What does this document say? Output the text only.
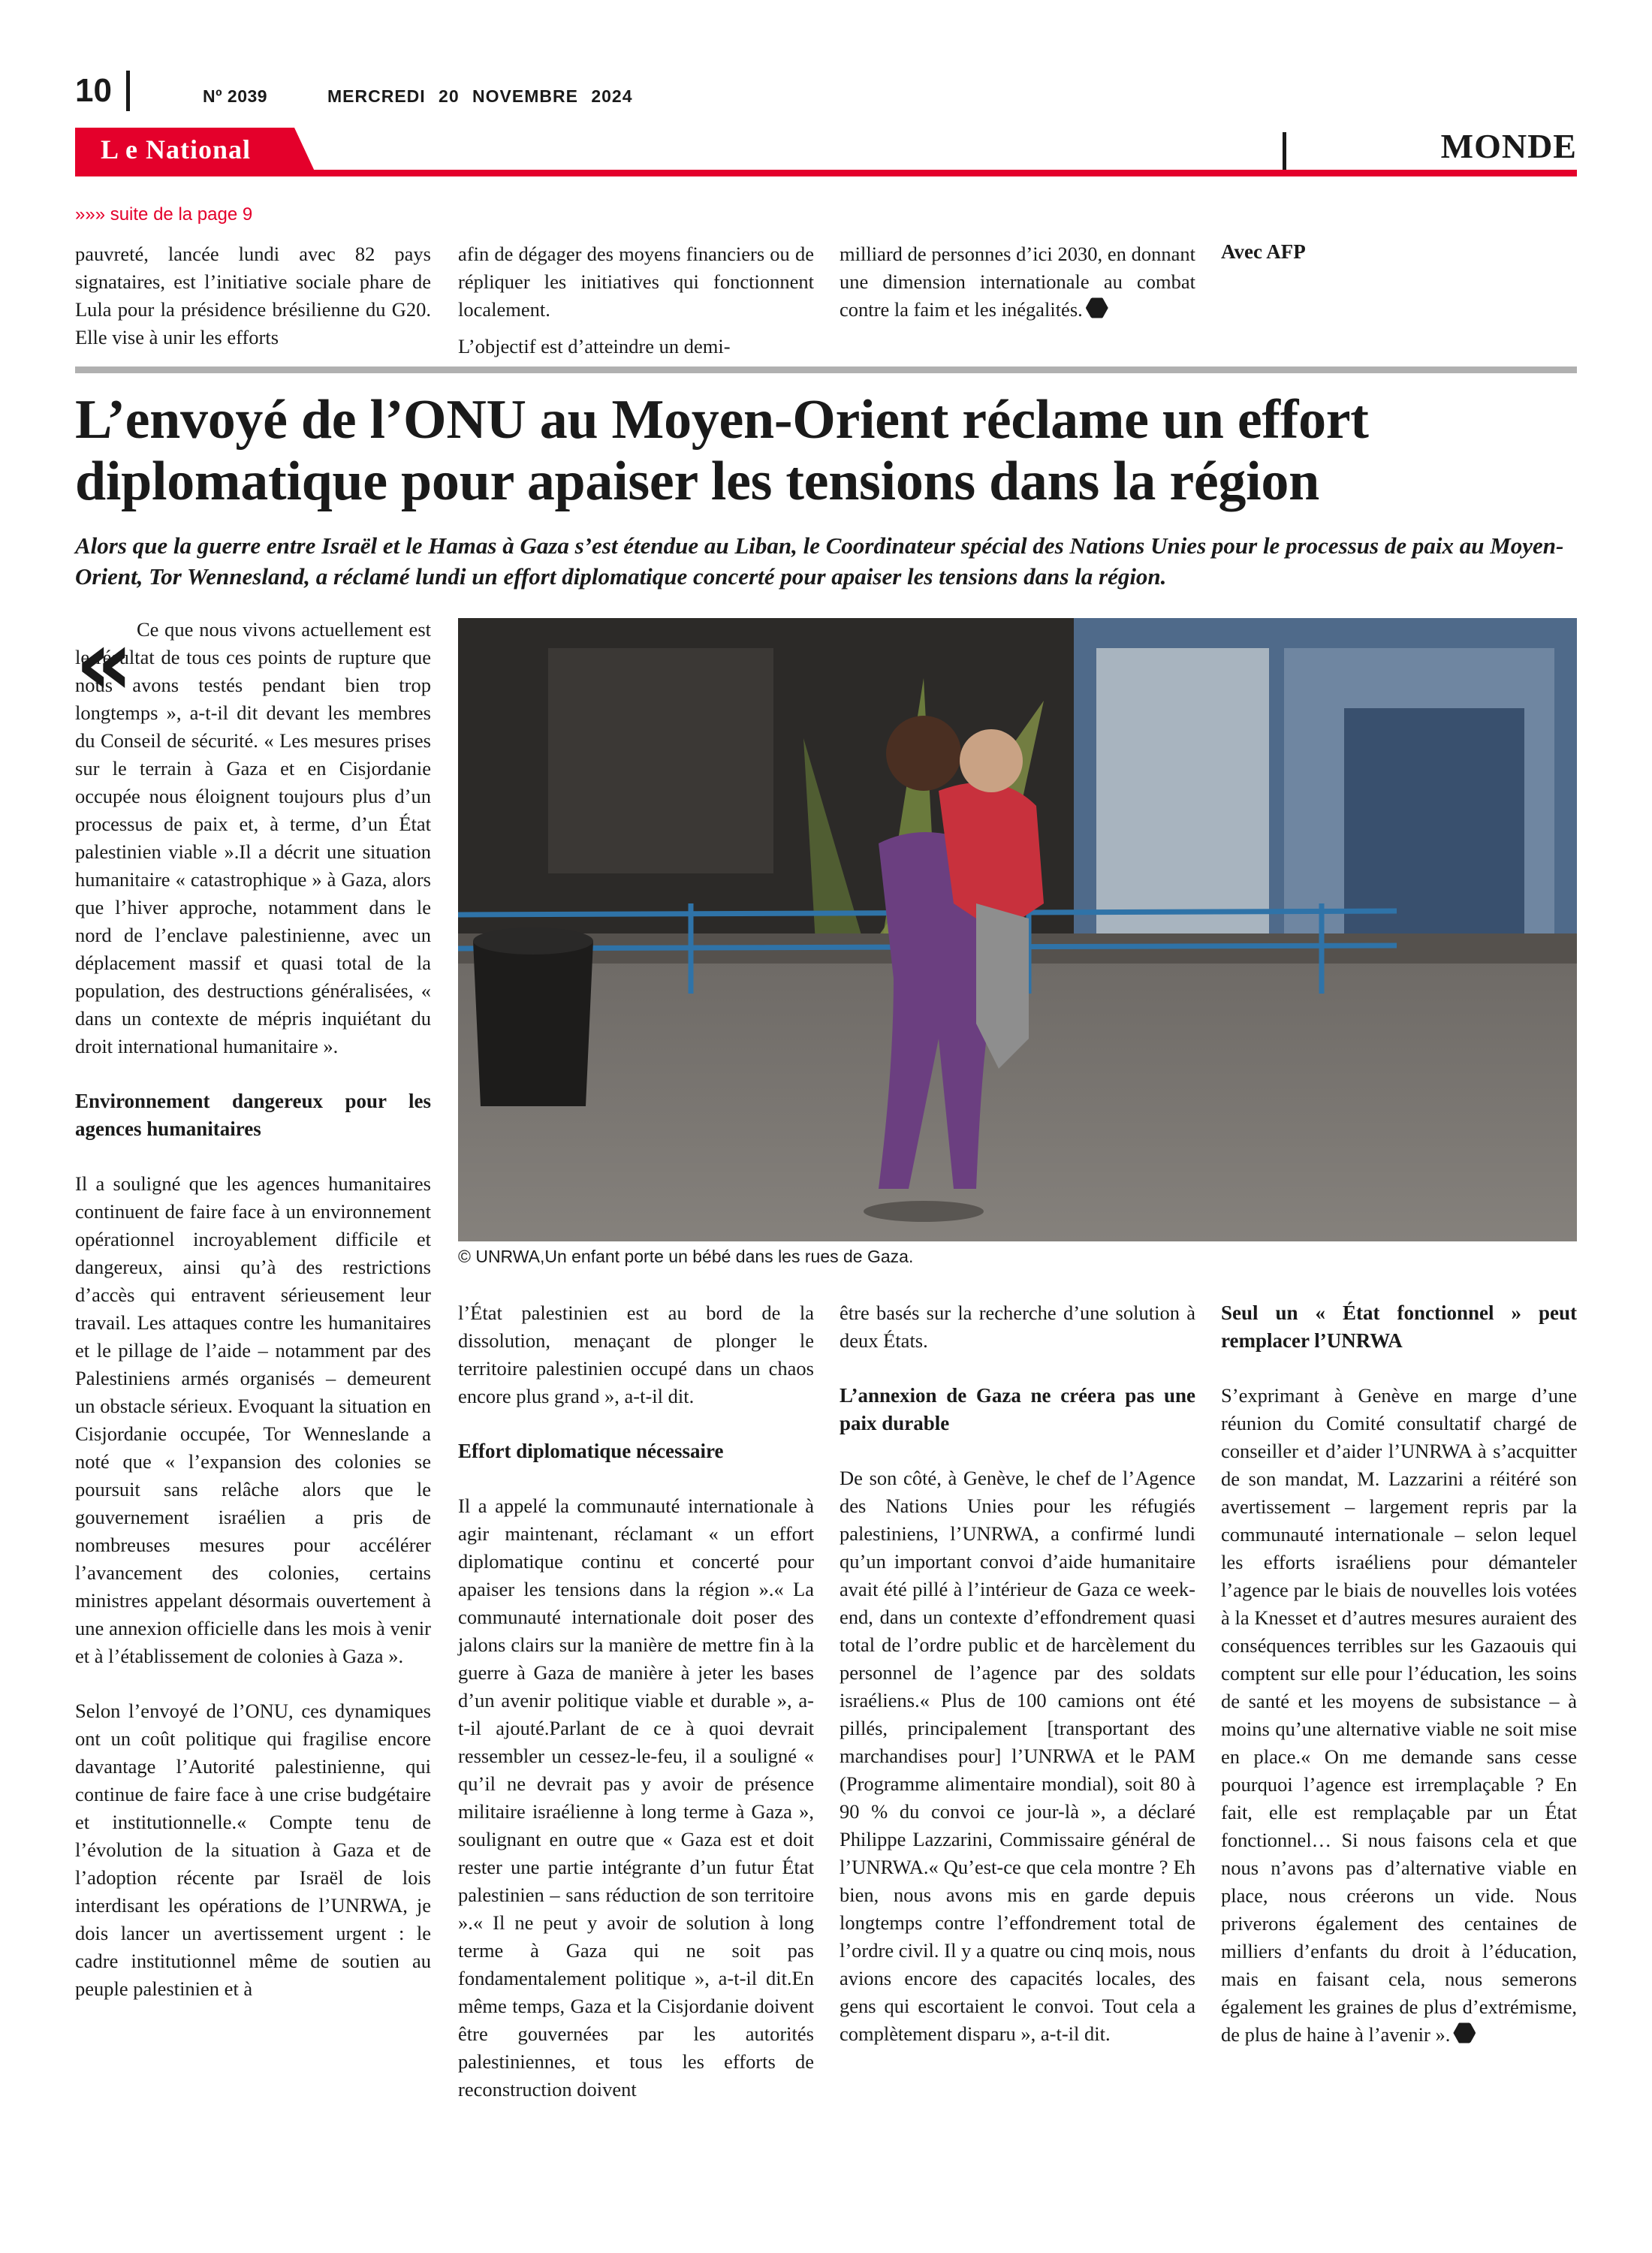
10	Nº 2039	MERCREDI 20 NOVEMBRE 2024
L e National	MONDE
»»» suite de la page 9

pauvreté, lancée lundi avec 82 pays signataires, est l’initiative sociale phare de Lula pour la présidence brésilienne du G20. Elle vise à unir les efforts

afin de dégager des moyens financiers ou de répliquer les initiatives qui fonctionnent localement.

L’objectif est d’atteindre un demi-

milliard de personnes d’ici 2030, en donnant une dimension internationale au combat contre la faim et les inégalités.

Avec AFP
L’envoyé de l’ONU au Moyen-Orient réclame un effort diplomatique pour apaiser les tensions dans la région
Alors que la guerre entre Israël et le Hamas à Gaza s’est étendue au Liban, le Coordinateur spécial des Nations Unies pour le processus de paix au Moyen-Orient, Tor Wennesland, a réclamé lundi un effort diplomatique concerté pour apaiser les tensions dans la région.
© UNRWA,Un enfant porte un bébé dans les rues de Gaza.
« Ce que nous vivons actuellement est le résultat de tous ces points de rupture que nous avons testés pendant bien trop longtemps », a-t-il dit devant les membres du Conseil de sécurité. « Les mesures prises sur le terrain à Gaza et en Cisjordanie occupée nous éloignent toujours plus d’un processus de paix et, à terme, d’un État palestinien viable ».Il a décrit une situation humanitaire « catastrophique » à Gaza, alors que l’hiver approche, notamment dans le nord de l’enclave palestinienne, avec un déplacement massif et quasi total de la population, des destructions généralisées, « dans un contexte de mépris inquiétant du droit international humanitaire ».

Environnement dangereux pour les agences humanitaires

Il a souligné que les agences humanitaires continuent de faire face à un environnement opérationnel incroyablement difficile et dangereux, ainsi qu’à des restrictions d’accès qui entravent sérieusement leur travail. Les attaques contre les humanitaires et le pillage de l’aide – notamment par des Palestiniens armés organisés – demeurent un obstacle sérieux. Evoquant la situation en Cisjordanie occupée, Tor Wenneslande a noté que « l’expansion des colonies se poursuit sans relâche alors que le gouvernement israélien a pris de nombreuses mesures pour accélérer l’avancement des colonies, certains ministres appelant désormais ouvertement à une annexion officielle dans les mois à venir et à l’établissement de colonies à Gaza ».

Selon l’envoyé de l’ONU, ces dynamiques ont un coût politique qui fragilise encore davantage l’Autorité palestinienne, qui continue de faire face à une crise budgétaire et institutionnelle.« Compte tenu de l’évolution de la situation à Gaza et de l’adoption récente par Israël de lois interdisant les opérations de l’UNRWA, je dois lancer un avertissement urgent : le cadre institutionnel même de soutien au peuple palestinien et à

l’État palestinien est au bord de la dissolution, menaçant de plonger le territoire palestinien occupé dans un chaos encore plus grand », a-t-il dit.

Effort diplomatique nécessaire

Il a appelé la communauté internationale à agir maintenant, réclamant « un effort diplomatique continu et concerté pour apaiser les tensions dans la région ».« La communauté internationale doit poser des jalons clairs sur la manière de mettre fin à la guerre à Gaza de manière à jeter les bases d’un avenir politique viable et durable », a-t-il ajouté.Parlant de ce à quoi devrait ressembler un cessez-le-feu, il a souligné « qu’il ne devrait pas y avoir de présence militaire israélienne à long terme à Gaza », soulignant en outre que « Gaza est et doit rester une partie intégrante d’un futur État palestinien – sans réduction de son territoire ».« Il ne peut y avoir de solution à long terme à Gaza qui ne soit pas fondamentalement politique », a-t-il dit.En même temps, Gaza et la Cisjordanie doivent être gouvernées par les autorités palestiniennes, et tous les efforts de reconstruction doivent

être basés sur la recherche d’une solution à deux États.

L’annexion de Gaza ne créera pas une paix durable

De son côté, à Genève, le chef de l’Agence des Nations Unies pour les réfugiés palestiniens, l’UNRWA, a confirmé lundi qu’un important convoi d’aide humanitaire avait été pillé à l’intérieur de Gaza ce week-end, dans un contexte d’effondrement quasi total de l’ordre public et de harcèlement du personnel de l’agence par des soldats israéliens.« Plus de 100 camions ont été pillés, principalement [transportant des marchandises pour] l’UNRWA et le PAM (Programme alimentaire mondial), soit 80 à 90 % du convoi ce jour-là », a déclaré Philippe Lazzarini, Commissaire général de l’UNRWA.« Qu’est-ce que cela montre ? Eh bien, nous avons mis en garde depuis longtemps contre l’effondrement total de l’ordre civil. Il y a quatre ou cinq mois, nous avions encore des capacités locales, des gens qui escortaient le convoi. Tout cela a complètement disparu », a-t-il dit.

Seul un « État fonctionnel » peut remplacer l’UNRWA

S’exprimant à Genève en marge d’une réunion du Comité consultatif chargé de conseiller et d’aider l’UNRWA à s’acquitter de son mandat, M. Lazzarini a réitéré son avertissement – largement repris par la communauté internationale – selon lequel les efforts israéliens pour démanteler l’agence par le biais de nouvelles lois votées à la Knesset et d’autres mesures auraient des conséquences terribles sur les Gazaouis qui comptent sur elle pour l’éducation, les soins de santé et les moyens de subsistance – à moins qu’une alternative viable ne soit mise en place.« On me demande sans cesse pourquoi l’agence est irremplaçable ? En fait, elle est remplaçable par un État fonctionnel… Si nous faisons cela et que nous n’avons pas d’alternative viable en place, nous créerons un vide. Nous priverons également des centaines de milliers d’enfants du droit à l’éducation, mais en faisant cela, nous semerons également les graines de plus d’extrémisme, de plus de haine à l’avenir ».
